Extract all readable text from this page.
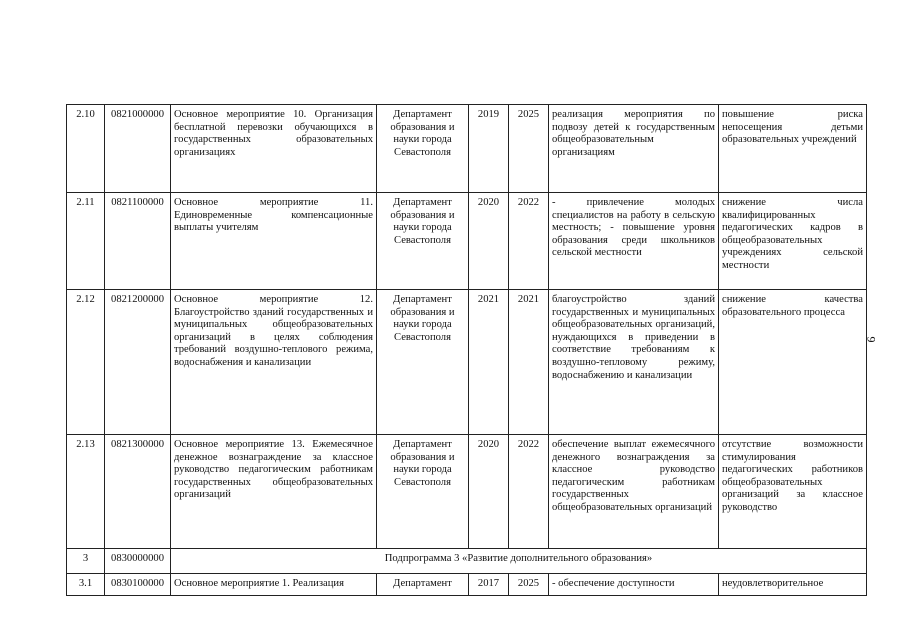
2.10	0821000000	Основное мероприятие 10. Организация бесплатной перевозки обучающихся в государственных образовательных организациях	Департамент образования и науки города Севастополя	2019	2025	реализация мероприятия по подвозу детей к государственным общеобразовательным организациям	повышение риска непосещения детьми образовательных учреждений
2.11	0821100000	Основное мероприятие 11. Единовременные компенсационные выплаты учителям	Департамент образования и науки города Севастополя	2020	2022	- привлечение молодых специалистов на работу в сельскую местность; - повышение уровня образования среди школьников сельской местности	снижение числа квалифицированных педагогических кадров в общеобразовательных учреждениях сельской местности
2.12	0821200000	Основное мероприятие 12. Благоустройство зданий государственных и муниципальных общеобразовательных организаций в целях соблюдения требований воздушно-теплового режима, водоснабжения и канализации	Департамент образования и науки города Севастополя	2021	2021	благоустройство зданий государственных и муниципальных общеобразовательных организаций, нуждающихся в приведении в соответствие требованиям к воздушно-тепловому режиму, водоснабжению и канализации	снижение качества образовательного процесса
2.13	0821300000	Основное мероприятие 13. Ежемесячное денежное вознаграждение за классное руководство педагогическим работникам государственных общеобразовательных организаций	Департамент образования и науки города Севастополя	2020	2022	обеспечение выплат ежемесячного денежного вознаграждения за классное руководство педагогическим работникам государственных общеобразовательных организаций	отсутствие возможности стимулирования педагогических работников общеобразовательных организаций за классное руководство
3	0830000000	Подпрограмма 3 «Развитие дополнительного образования»					
3.1	0830100000	Основное мероприятие 1. Реализация	Департамент	2017	2025	- обеспечение доступности	неудовлетворительное
9
